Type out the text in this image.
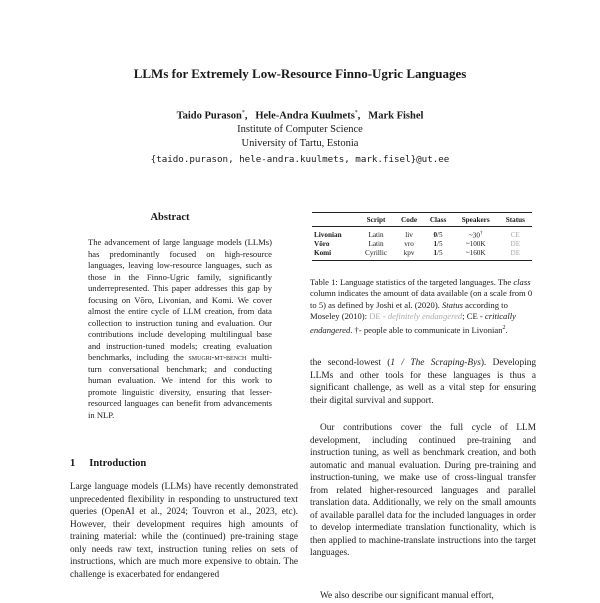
LLMs for Extremely Low-Resource Finno-Ugric Languages
Taido Purason*,   Hele-Andra Kuulmets*,   Mark Fishel
Institute of Computer Science
University of Tartu, Estonia
{taido.purason, hele-andra.kuulmets, mark.fisel}@ut.ee
Abstract
The advancement of large language models (LLMs) has predominantly focused on high-resource languages, leaving low-resource languages, such as those in the Finno-Ugric family, significantly underrepresented. This paper addresses this gap by focusing on Võro, Livonian, and Komi. We cover almost the entire cycle of LLM creation, from data collection to instruction tuning and evaluation. Our contributions include developing multilingual base and instruction-tuned models; creating evaluation benchmarks, including the smugri-mt-bench multi-turn conversational benchmark; and conducting human evaluation. We intend for this work to promote linguistic diversity, ensuring that lesser-resourced languages can benefit from advancements in NLP.
1 Introduction
Large language models (LLMs) have recently demonstrated unprecedented flexibility in responding to unstructured text queries (OpenAI et al., 2024; Touvron et al., 2023, etc). However, their development requires high amounts of training material: while the (continued) pre-training stage only needs raw text, instruction tuning relies on sets of instructions, which are much more expensive to obtain. The challenge is exacerbated for endangered
	Script	Code	Class	Speakers	Status
Livonian	Latin	liv	0/5	~30†	CE
Võro	Latin	vro	1/5	~100K	DE
Komi	Cyrillic	kpv	1/5	~160K	DE
Table 1: Language statistics of the targeted languages. The class column indicates the amount of data available (on a scale from 0 to 5) as defined by Joshi et al. (2020). Status according to Moseley (2010): DE - definitely endangered; CE - critically endangered. †- people able to communicate in Livonian$^2$.
the second-lowest (1 / The Scraping-Bys). Developing LLMs and other tools for these languages is thus a significant challenge, as well as a vital step for ensuring their digital survival and support.
Our contributions cover the full cycle of LLM development, including continued pre-training and instruction tuning, as well as benchmark creation, and both automatic and manual evaluation. During pre-training and instruction-tuning, we make use of cross-lingual transfer from related higher-resourced languages and parallel translation data. Additionally, we rely on the small amounts of available parallel data for the included languages in order to develop intermediate translation functionality, which is then applied to machine-translate instructions into the target languages.
We also describe our significant manual effort,
